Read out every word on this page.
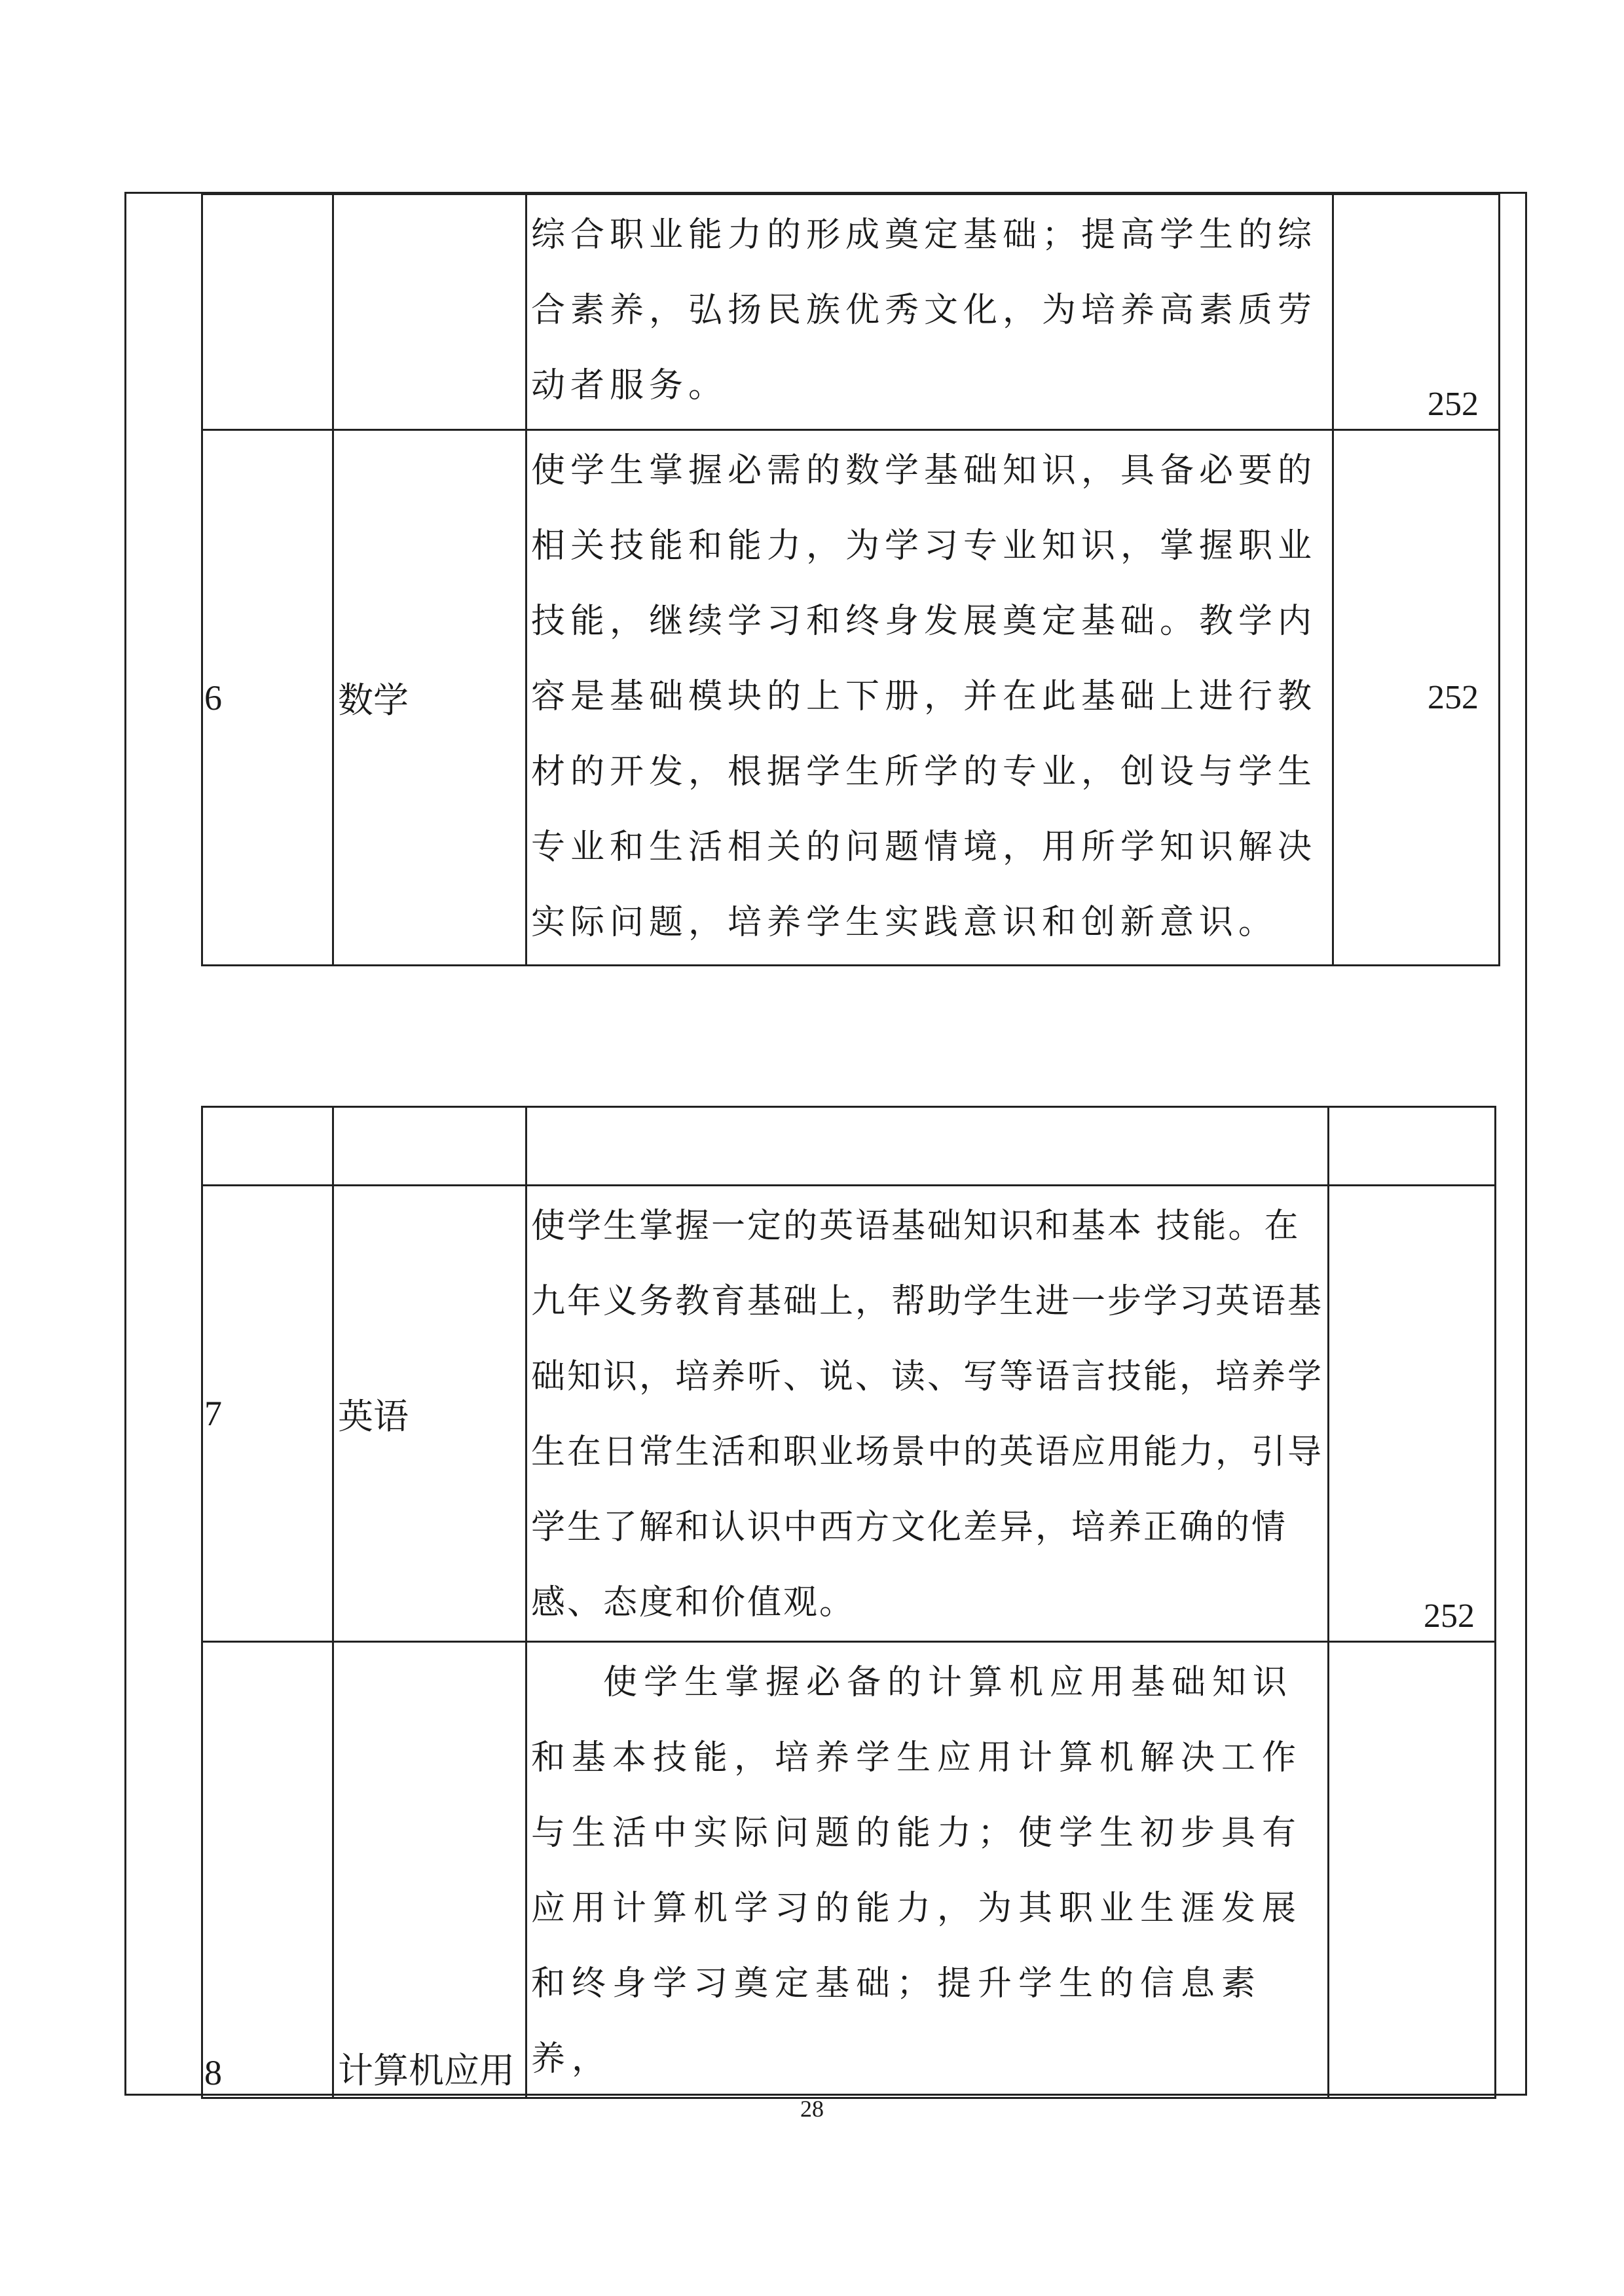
		综合职业能力的形成奠定基础；提高学生的综合素养，弘扬民族优秀文化，为培养高素质劳动者服务。	252
6	数学	使学生掌握必需的数学基础知识，具备必要的相关技能和能力，为学习专业知识，掌握职业技能，继续学习和终身发展奠定基础。教学内容是基础模块的上下册，并在此基础上进行教材的开发，根据学生所学的专业，创设与学生专业和生活相关的问题情境，用所学知识解决实际问题，培养学生实践意识和创新意识。	252

7	英语	使学生掌握一定的英语基础知识和基本 技能。在九年义务教育基础上，帮助学生进一步学习英语基础知识，培养听、说、读、写等语言技能，培养学生在日常生活和职业场景中的英语应用能力，引导学生了解和认识中西方文化差异，培养正确的情感、态度和价值观。	252
8	计算机应用	使学生掌握必备的计算机应用基础知识和基本技能，培养学生应用计算机解决工作与生活中实际问题的能力；使学生初步具有应用计算机学习的能力，为其职业生涯发展和终身学习奠定基础；提升学生的信息素养，	
28
